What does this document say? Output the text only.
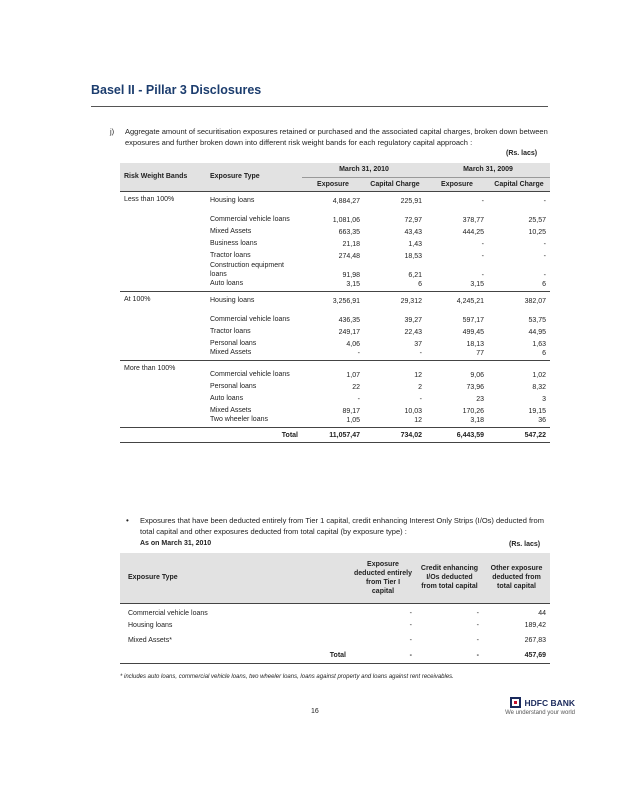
Basel II - Pillar 3 Disclosures
j) Aggregate amount of securitisation exposures retained or purchased and the associated capital charges, broken down between exposures and further broken down into different risk weight bands for each regulatory capital approach :
(Rs. lacs)
Risk Weight Bands	Exposure Type	March 31, 2010		March 31, 2009	
		Exposure	Capital Charge	Exposure	Capital Charge
Less than 100%	Housing loans	4,884,27	225,91	-	-
	Commercial vehicle loans	1,081,06	72,97	378,77	25,57
	Mixed Assets	663,35	43,43	444,25	10,25
	Business loans	21,18	1,43	-	-
	Tractor loans	274,48	18,53	-	-
	Construction equipment loans	91,98	6,21	-	-
	Auto loans	3,15	6	3,15	6
At 100%	Housing loans	3,256,91	29,312	4,245,21	382,07
	Commercial vehicle loans	436,35	39,27	597,17	53,75
	Tractor loans	249,17	22,43	499,45	44,95
	Personal loans	4,06	37	18,13	1,63
	Mixed Assets	-	-	77	6
More than 100%	Commercial vehicle loans	1,07	12	9,06	1,02
	Personal loans	22	2	73,96	8,32
	Auto loans	-	-	23	3
	Mixed Assets	89,17	10,03	170,26	19,15
	Two wheeler loans	1,05	12	3,18	36
Total		11,057,47	734,02	6,443,59	547,22
• Exposures that have been deducted entirely from Tier 1 capital, credit enhancing Interest Only Strips (I/Os) deducted from total capital and other exposures deducted from total capital (by exposure type) :
As on March 31, 2010	(Rs. lacs)
Exposure Type	Exposure deducted entirely from Tier I capital	Credit enhancing I/Os deducted from total capital	Other exposure deducted from total capital
Commercial vehicle loans	-	-	44
Housing loans	-	-	189,42
Mixed Assets*	-	-	267,83
Total	-	-	457,69
* includes auto loans, commercial vehicle loans, two wheeler loans, loans against property and loans against rent receivables.
16
HDFC BANK
We understand your world
